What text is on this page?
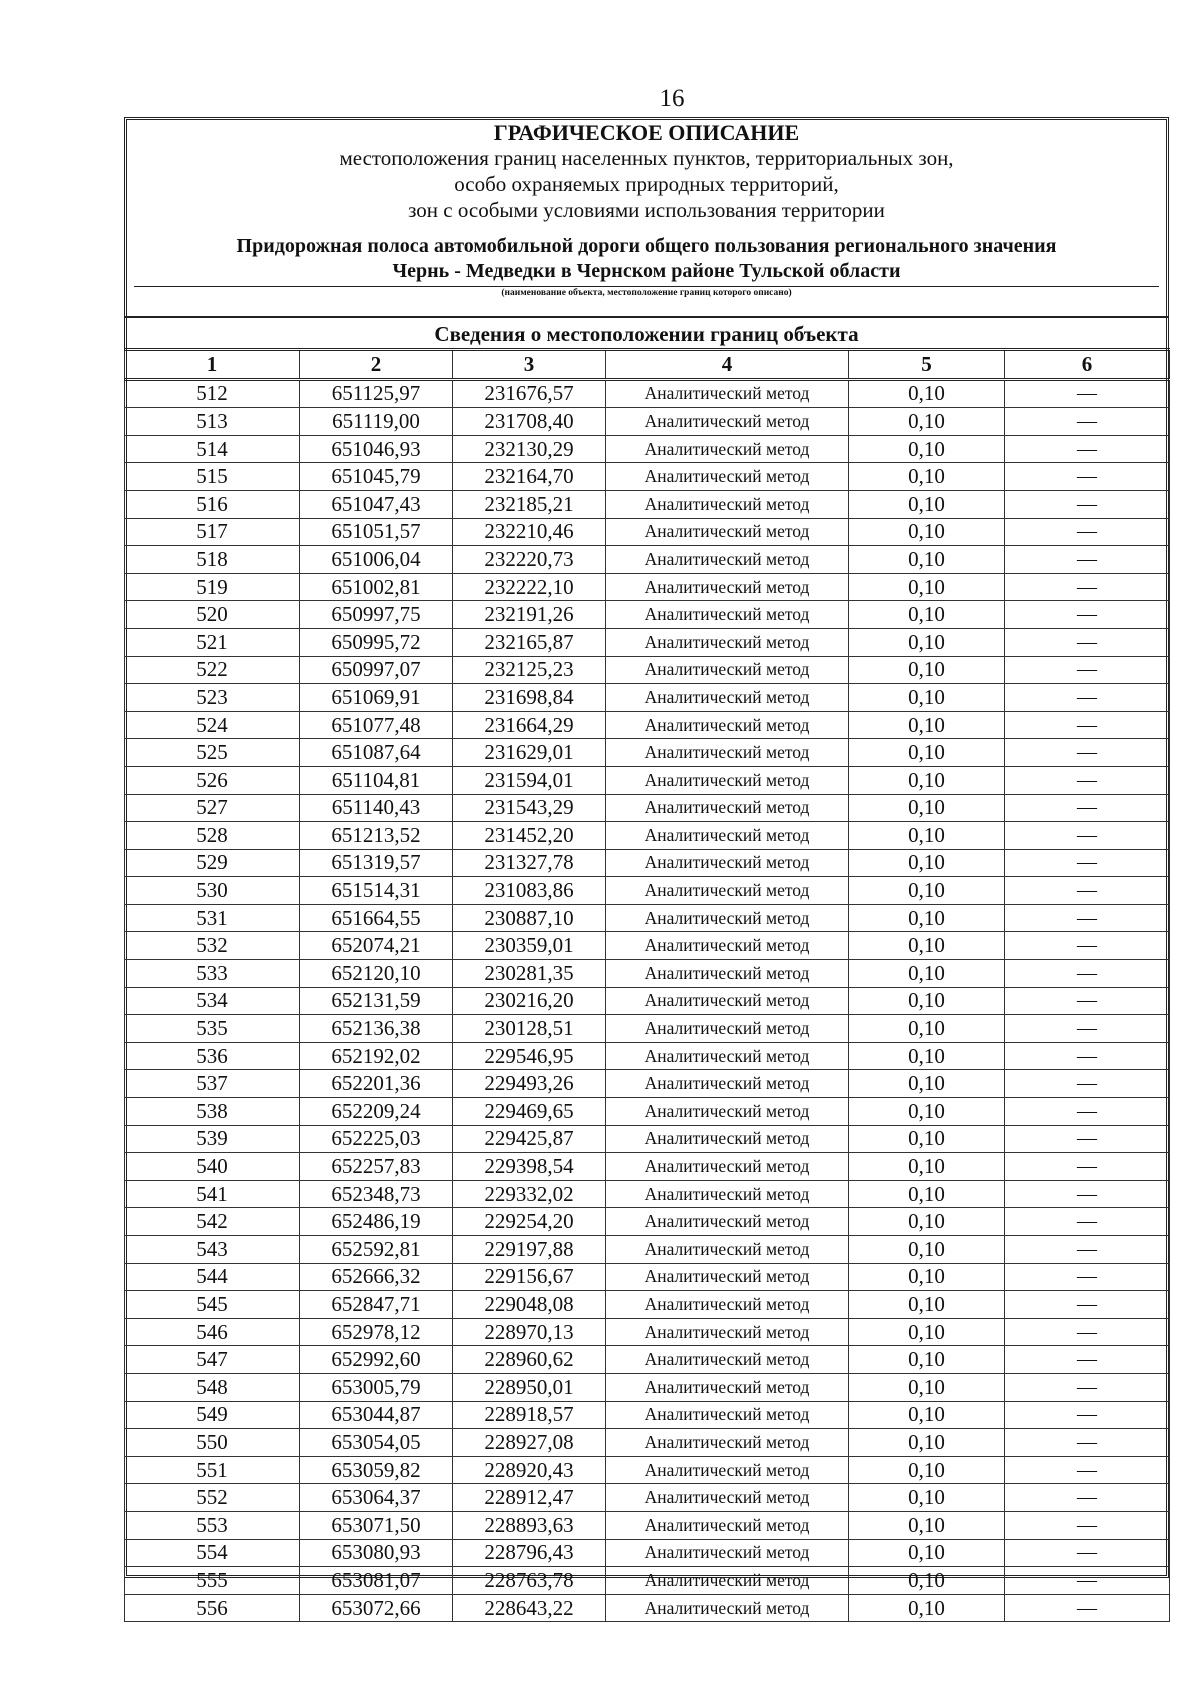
16
ГРАФИЧЕСКОЕ ОПИСАНИЕ
местоположения границ населенных пунктов, территориальных зон,
особо охраняемых природных территорий,
зон с особыми условиями использования территории
Придорожная полоса автомобильной дороги общего пользования регионального значения
Чернь - Медведки в Чернском районе Тульской области
(наименование объекта, местоположение границ которого описано)
Сведения о местоположении границ объекта
1	2	3	4	5	6
512	651125,97	231676,57	Аналитический метод	0,10	—
513	651119,00	231708,40	Аналитический метод	0,10	—
514	651046,93	232130,29	Аналитический метод	0,10	—
515	651045,79	232164,70	Аналитический метод	0,10	—
516	651047,43	232185,21	Аналитический метод	0,10	—
517	651051,57	232210,46	Аналитический метод	0,10	—
518	651006,04	232220,73	Аналитический метод	0,10	—
519	651002,81	232222,10	Аналитический метод	0,10	—
520	650997,75	232191,26	Аналитический метод	0,10	—
521	650995,72	232165,87	Аналитический метод	0,10	—
522	650997,07	232125,23	Аналитический метод	0,10	—
523	651069,91	231698,84	Аналитический метод	0,10	—
524	651077,48	231664,29	Аналитический метод	0,10	—
525	651087,64	231629,01	Аналитический метод	0,10	—
526	651104,81	231594,01	Аналитический метод	0,10	—
527	651140,43	231543,29	Аналитический метод	0,10	—
528	651213,52	231452,20	Аналитический метод	0,10	—
529	651319,57	231327,78	Аналитический метод	0,10	—
530	651514,31	231083,86	Аналитический метод	0,10	—
531	651664,55	230887,10	Аналитический метод	0,10	—
532	652074,21	230359,01	Аналитический метод	0,10	—
533	652120,10	230281,35	Аналитический метод	0,10	—
534	652131,59	230216,20	Аналитический метод	0,10	—
535	652136,38	230128,51	Аналитический метод	0,10	—
536	652192,02	229546,95	Аналитический метод	0,10	—
537	652201,36	229493,26	Аналитический метод	0,10	—
538	652209,24	229469,65	Аналитический метод	0,10	—
539	652225,03	229425,87	Аналитический метод	0,10	—
540	652257,83	229398,54	Аналитический метод	0,10	—
541	652348,73	229332,02	Аналитический метод	0,10	—
542	652486,19	229254,20	Аналитический метод	0,10	—
543	652592,81	229197,88	Аналитический метод	0,10	—
544	652666,32	229156,67	Аналитический метод	0,10	—
545	652847,71	229048,08	Аналитический метод	0,10	—
546	652978,12	228970,13	Аналитический метод	0,10	—
547	652992,60	228960,62	Аналитический метод	0,10	—
548	653005,79	228950,01	Аналитический метод	0,10	—
549	653044,87	228918,57	Аналитический метод	0,10	—
550	653054,05	228927,08	Аналитический метод	0,10	—
551	653059,82	228920,43	Аналитический метод	0,10	—
552	653064,37	228912,47	Аналитический метод	0,10	—
553	653071,50	228893,63	Аналитический метод	0,10	—
554	653080,93	228796,43	Аналитический метод	0,10	—
555	653081,07	228763,78	Аналитический метод	0,10	—
556	653072,66	228643,22	Аналитический метод	0,10	—
